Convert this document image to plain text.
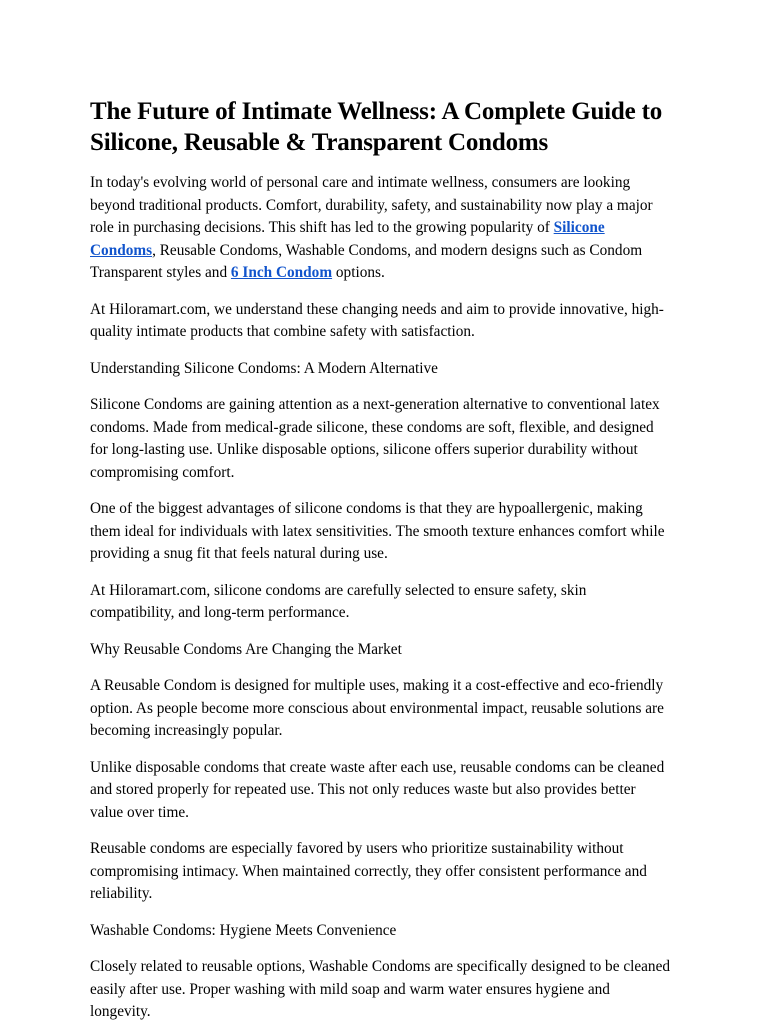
The Future of Intimate Wellness: A Complete Guide to Silicone, Reusable & Transparent Condoms

In today's evolving world of personal care and intimate wellness, consumers are looking beyond traditional products. Comfort, durability, safety, and sustainability now play a major role in purchasing decisions. This shift has led to the growing popularity of Silicone Condoms, Reusable Condoms, Washable Condoms, and modern designs such as Condom Transparent styles and 6 Inch Condom options.

At Hiloramart.com, we understand these changing needs and aim to provide innovative, high-quality intimate products that combine safety with satisfaction.

Understanding Silicone Condoms: A Modern Alternative

Silicone Condoms are gaining attention as a next-generation alternative to conventional latex condoms. Made from medical-grade silicone, these condoms are soft, flexible, and designed for long-lasting use. Unlike disposable options, silicone offers superior durability without compromising comfort.

One of the biggest advantages of silicone condoms is that they are hypoallergenic, making them ideal for individuals with latex sensitivities. The smooth texture enhances comfort while providing a snug fit that feels natural during use.

At Hiloramart.com, silicone condoms are carefully selected to ensure safety, skin compatibility, and long-term performance.

Why Reusable Condoms Are Changing the Market

A Reusable Condom is designed for multiple uses, making it a cost-effective and eco-friendly option. As people become more conscious about environmental impact, reusable solutions are becoming increasingly popular.

Unlike disposable condoms that create waste after each use, reusable condoms can be cleaned and stored properly for repeated use. This not only reduces waste but also provides better value over time.

Reusable condoms are especially favored by users who prioritize sustainability without compromising intimacy. When maintained correctly, they offer consistent performance and reliability.

Washable Condoms: Hygiene Meets Convenience

Closely related to reusable options, Washable Condoms are specifically designed to be cleaned easily after use. Proper washing with mild soap and warm water ensures hygiene and longevity.
